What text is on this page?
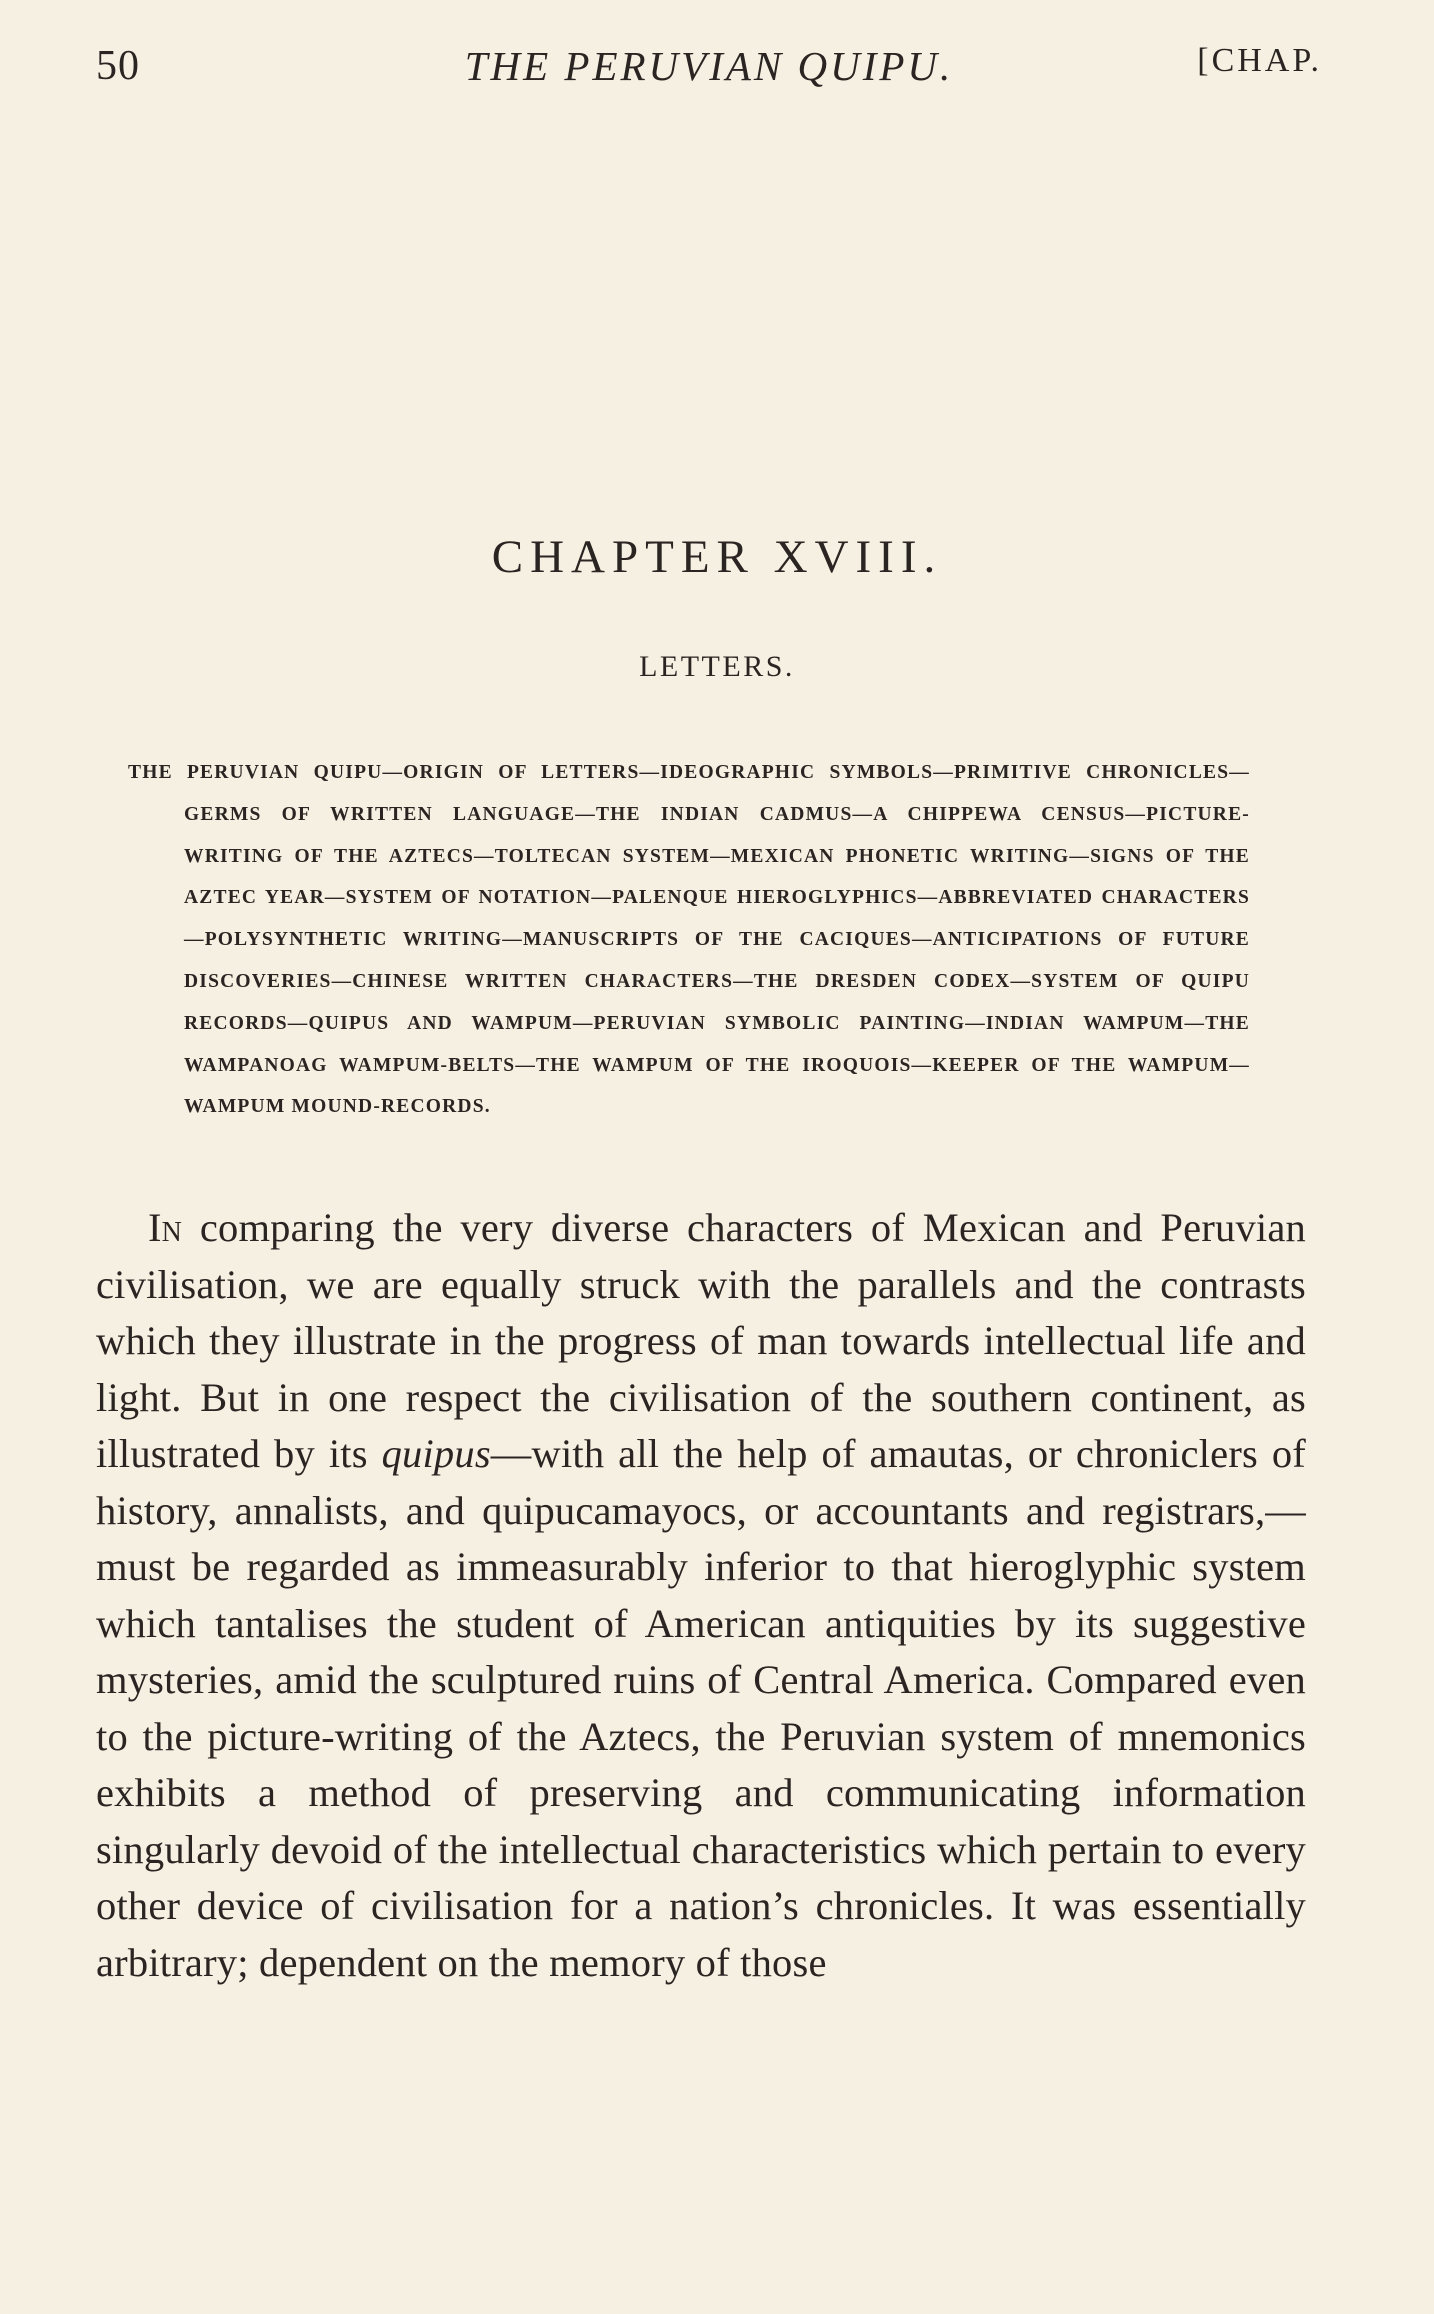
50	THE PERUVIAN QUIPU.	[CHAP.
CHAPTER XVIII.
LETTERS.
THE PERUVIAN QUIPU—ORIGIN OF LETTERS—IDEOGRAPHIC SYMBOLS—PRIMITIVE CHRONICLES—GERMS OF WRITTEN LANGUAGE—THE INDIAN CADMUS—A CHIPPEWA CENSUS—PICTURE-WRITING OF THE AZTECS—TOLTECAN SYSTEM—MEXICAN PHONETIC WRITING—SIGNS OF THE AZTEC YEAR—SYSTEM OF NOTATION—PALENQUE HIEROGLYPHICS—ABBREVIATED CHARACTERS—POLYSYNTHETIC WRITING—MANUSCRIPTS OF THE CACIQUES—ANTICIPATIONS OF FUTURE DISCOVERIES—CHINESE WRITTEN CHARACTERS—THE DRESDEN CODEX—SYSTEM OF QUIPU RECORDS—QUIPUS AND WAMPUM—PERUVIAN SYMBOLIC PAINTING—INDIAN WAMPUM—THE WAMPANOAG WAMPUM-BELTS—THE WAMPUM OF THE IROQUOIS—KEEPER OF THE WAMPUM—WAMPUM MOUND-RECORDS.
In comparing the very diverse characters of Mexican and Peruvian civilisation, we are equally struck with the parallels and the contrasts which they illustrate in the progress of man towards intellectual life and light. But in one respect the civilisation of the southern continent, as illustrated by its quipus—with all the help of amautas, or chroniclers of history, annalists, and quipucamayocs, or accountants and registrars,—must be regarded as immeasurably inferior to that hieroglyphic system which tantalises the student of American antiquities by its suggestive mysteries, amid the sculptured ruins of Central America. Compared even to the picture-writing of the Aztecs, the Peruvian system of mnemonics exhibits a method of preserving and communicating information singularly devoid of the intellectual characteristics which pertain to every other device of civilisation for a nation’s chronicles. It was essentially arbitrary; dependent on the memory of those
